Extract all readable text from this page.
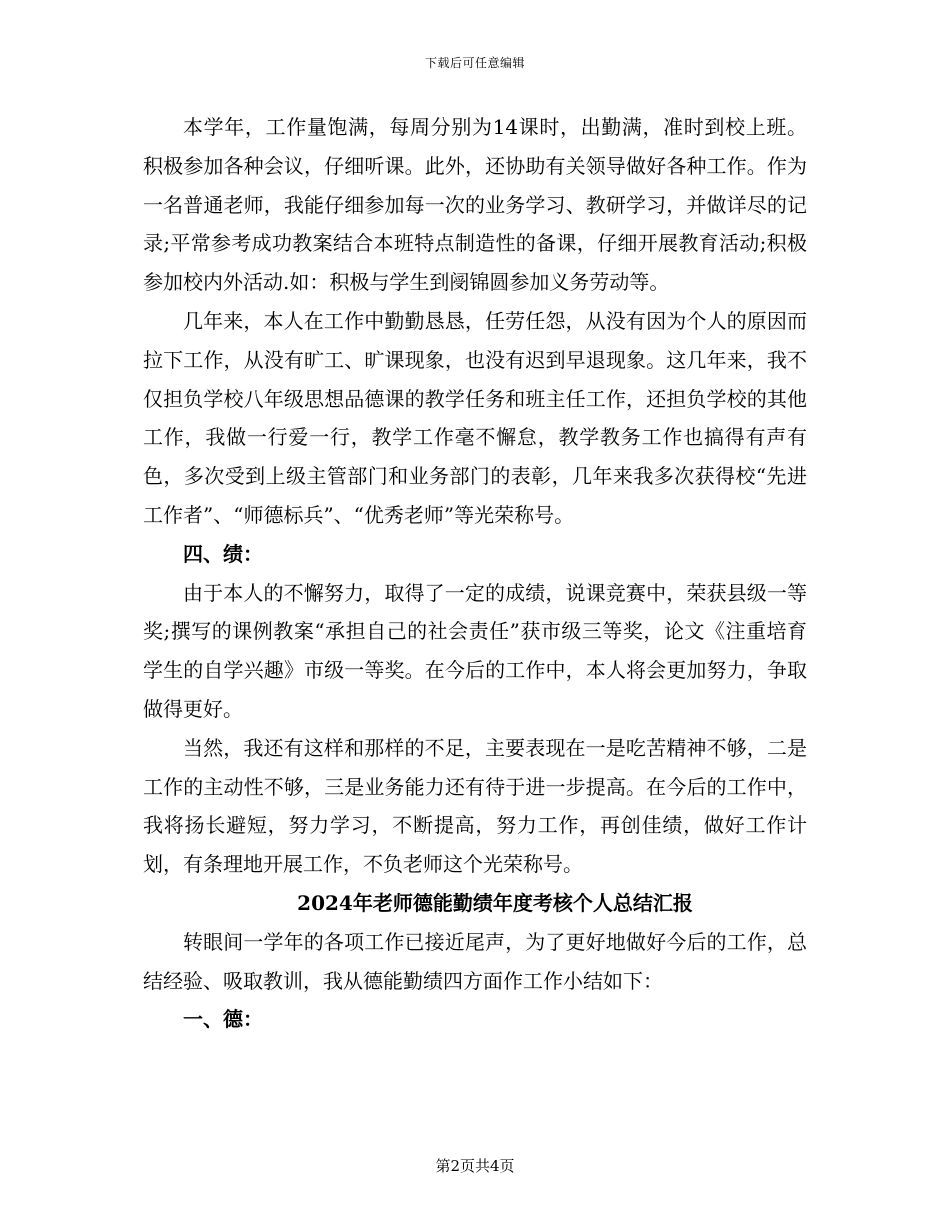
下载后可任意编辑

本学年，工作量饱满，每周分别为14课时，出勤满，准时到校上班。积极参加各种会议，仔细听课。此外，还协助有关领导做好各种工作。作为一名普通老师，我能仔细参加每一次的业务学习、教研学习，并做详尽的记录;平常参考成功教案结合本班特点制造性的备课，仔细开展教育活动;积极参加校内外活动.如：积极与学生到阌锦圆参加义务劳动等。

几年来，本人在工作中勤勤恳恳，任劳任怨，从没有因为个人的原因而拉下工作，从没有旷工、旷课现象，也没有迟到早退现象。这几年来，我不仅担负学校八年级思想品德课的教学任务和班主任工作，还担负学校的其他工作，我做一行爱一行，教学工作毫不懈怠，教学教务工作也搞得有声有色，多次受到上级主管部门和业务部门的表彰，几年来我多次获得校“先进工作者”、“师德标兵”、“优秀老师”等光荣称号。

四、绩：

由于本人的不懈努力，取得了一定的成绩，说课竞赛中，荣获县级一等奖;撰写的课例教案“承担自己的社会责任”获市级三等奖，论文《注重培育学生的自学兴趣》市级一等奖。在今后的工作中，本人将会更加努力，争取做得更好。

当然，我还有这样和那样的不足，主要表现在一是吃苦精神不够，二是工作的主动性不够，三是业务能力还有待于进一步提高。在今后的工作中，我将扬长避短，努力学习，不断提高，努力工作，再创佳绩，做好工作计划，有条理地开展工作，不负老师这个光荣称号。

2024年老师德能勤绩年度考核个人总结汇报

转眼间一学年的各项工作已接近尾声，为了更好地做好今后的工作，总结经验、吸取教训，我从德能勤绩四方面作工作小结如下：

一、德：

第2页共4页
